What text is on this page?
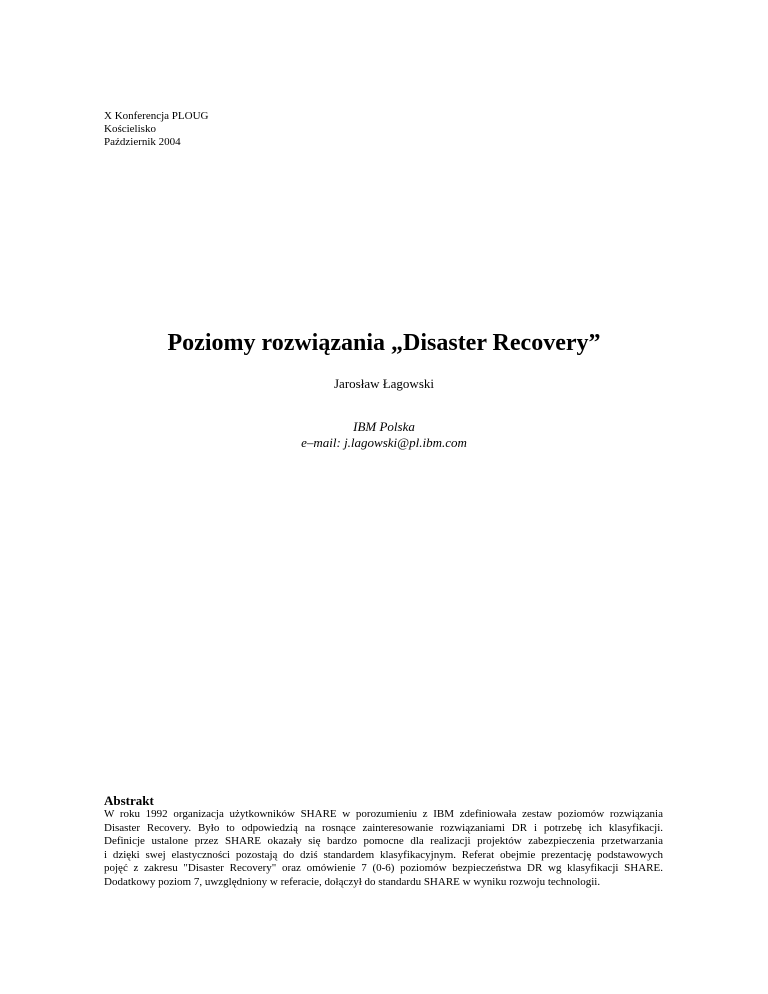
X Konferencja PLOUG
Kościelisko
Październik 2004
Poziomy rozwiązania „Disaster Recovery”
Jarosław Łagowski
IBM Polska
e–mail: j.lagowski@pl.ibm.com
Abstrakt
W roku 1992 organizacja użytkowników SHARE w porozumieniu z IBM zdefiniowała zestaw poziomów rozwiązania
Disaster Recovery. Było to odpowiedzią na rosnące zainteresowanie rozwiązaniami DR i potrzebę ich klasyfikacji.
Definicje ustalone przez SHARE okazały się bardzo pomocne dla realizacji projektów zabezpieczenia przetwarzania
i dzięki swej elastyczności pozostają do dziś standardem klasyfikacyjnym. Referat obejmie prezentację podstawowych
pojęć z zakresu "Disaster Recovery" oraz omówienie 7 (0-6) poziomów bezpieczeństwa DR wg klasyfikacji SHARE.
Dodatkowy poziom 7, uwzględniony w referacie, dołączył do standardu SHARE w wyniku rozwoju technologii.
